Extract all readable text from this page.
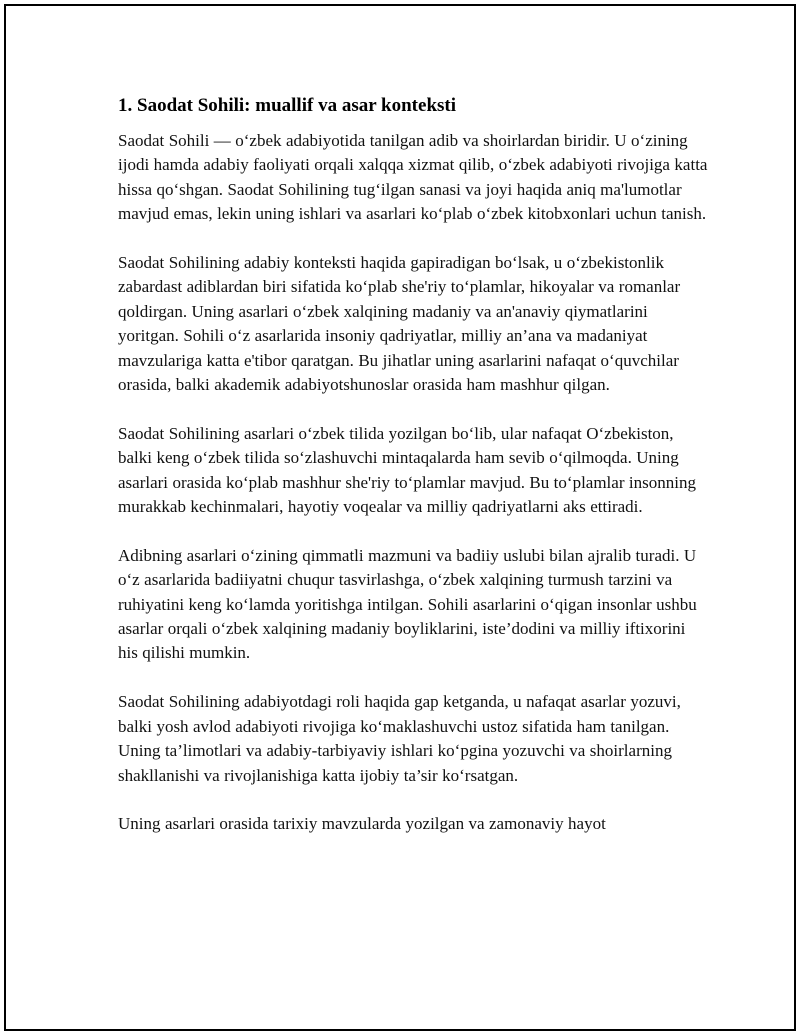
1. Saodat Sohili: muallif va asar konteksti

Saodat Sohili — o‘zbek adabiyotida tanilgan adib va shoirlardan biridir. U o‘zining ijodi hamda adabiy faoliyati orqali xalqqa xizmat qilib, o‘zbek adabiyoti rivojiga katta hissa qo‘shgan. Saodat Sohilining tug‘ilgan sanasi va joyi haqida aniq ma'lumotlar mavjud emas, lekin uning ishlari va asarlari ko‘plab o‘zbek kitobxonlari uchun tanish.

Saodat Sohilining adabiy konteksti haqida gapiradigan bo‘lsak, u o‘zbekistonlik zabardast adiblardan biri sifatida ko‘plab she'riy to‘plamlar, hikoyalar va romanlar qoldirgan. Uning asarlari o‘zbek xalqining madaniy va an'anaviy qiymatlarini yoritgan. Sohili o‘z asarlarida insoniy qadriyatlar, milliy an’ana va madaniyat mavzulariga katta e'tibor qaratgan. Bu jihatlar uning asarlarini nafaqat o‘quvchilar orasida, balki akademik adabiyotshunoslar orasida ham mashhur qilgan.

Saodat Sohilining asarlari o‘zbek tilida yozilgan bo‘lib, ular nafaqat O‘zbekiston, balki keng o‘zbek tilida so‘zlashuvchi mintaqalarda ham sevib o‘qilmoqda. Uning asarlari orasida ko‘plab mashhur she'riy to‘plamlar mavjud. Bu to‘plamlar insonning murakkab kechinmalari, hayotiy voqealar va milliy qadriyatlarni aks ettiradi.

Adibning asarlari o‘zining qimmatli mazmuni va badiiy uslubi bilan ajralib turadi. U o‘z asarlarida badiiyatni chuqur tasvirlashga, o‘zbek xalqining turmush tarzini va ruhiyatini keng ko‘lamda yoritishga intilgan. Sohili asarlarini o‘qigan insonlar ushbu asarlar orqali o‘zbek xalqining madaniy boyliklarini, iste’dodini va milliy iftixorini his qilishi mumkin.

Saodat Sohilining adabiyotdagi roli haqida gap ketganda, u nafaqat asarlar yozuvi, balki yosh avlod adabiyoti rivojiga ko‘maklashuvchi ustoz sifatida ham tanilgan. Uning ta’limotlari va adabiy-tarbiyaviy ishlari ko‘pgina yozuvchi va shoirlarning shakllanishi va rivojlanishiga katta ijobiy ta’sir ko‘rsatgan.

Uning asarlari orasida tarixiy mavzularda yozilgan va zamonaviy hayot
